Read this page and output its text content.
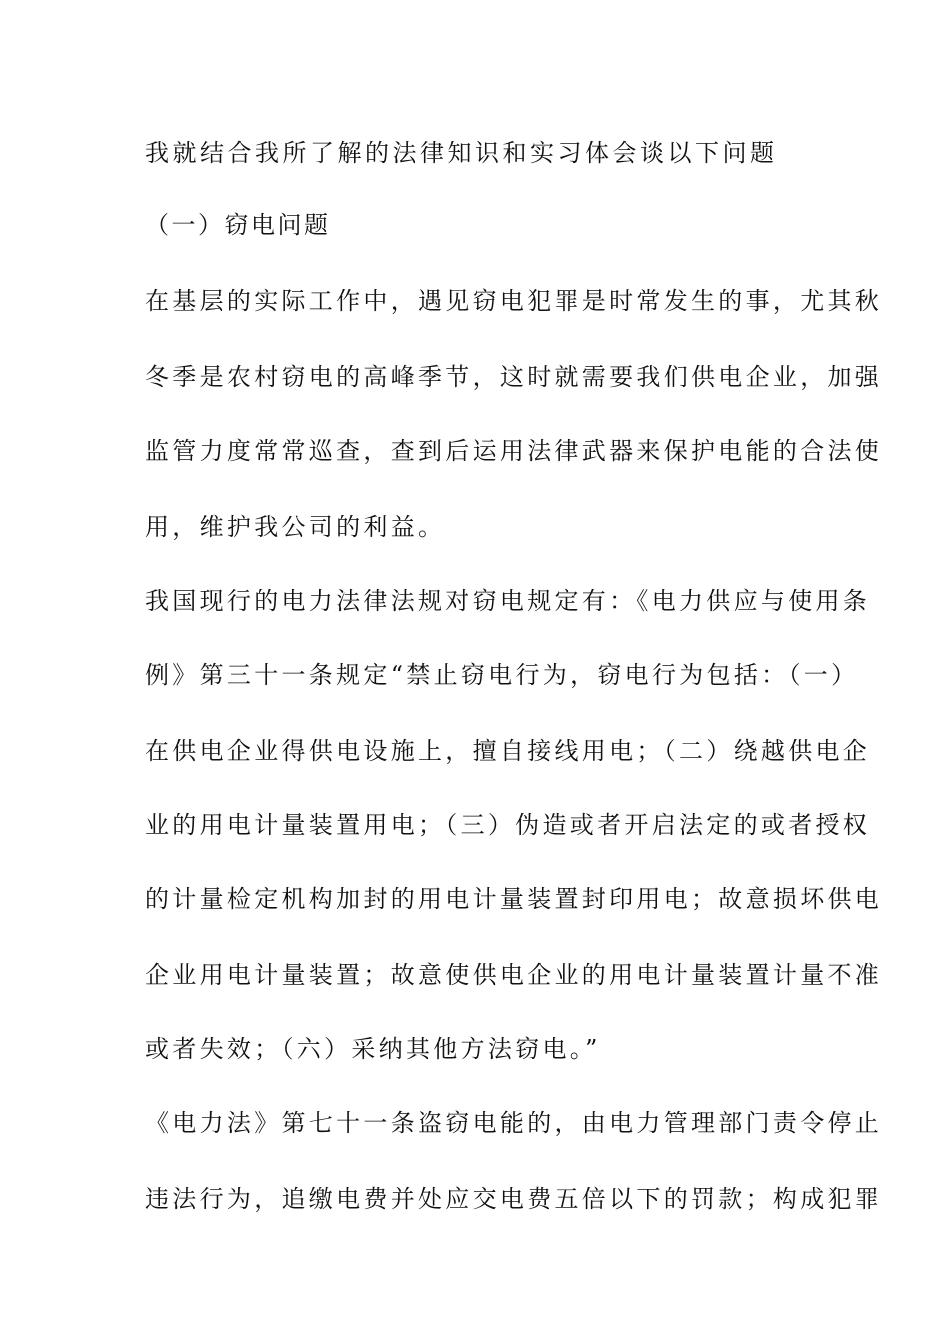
我就结合我所了解的法律知识和实习体会谈以下问题
（一）窃电问题
在基层的实际工作中，遇见窃电犯罪是时常发生的事，尤其秋
冬季是农村窃电的高峰季节，这时就需要我们供电企业，加强
监管力度常常巡查，查到后运用法律武器来保护电能的合法使
用，维护我公司的利益。
我国现行的电力法律法规对窃电规定有：《电力供应与使用条
例》第三十一条规定“禁止窃电行为，窃电行为包括：（一）
在供电企业得供电设施上，擅自接线用电；（二）绕越供电企
业的用电计量装置用电；（三）伪造或者开启法定的或者授权
的计量检定机构加封的用电计量装置封印用电；故意损坏供电
企业用电计量装置；故意使供电企业的用电计量装置计量不准
或者失效；（六）采纳其他方法窃电。”
《电力法》第七十一条盗窃电能的，由电力管理部门责令停止
违法行为，追缴电费并处应交电费五倍以下的罚款；构成犯罪
